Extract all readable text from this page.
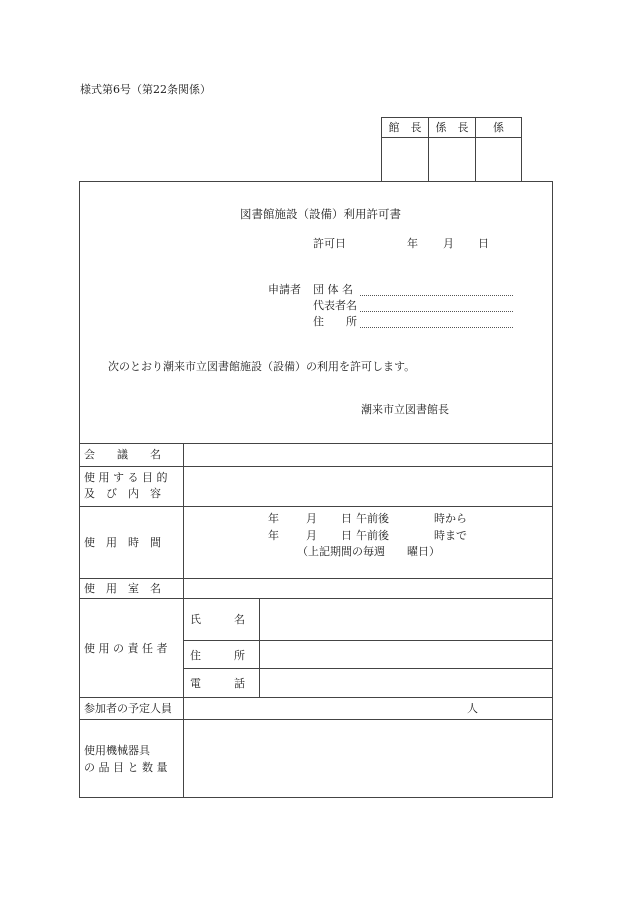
様式第6号（第22条関係）
館　長	係　長	係
図書館施設（設備）利用許可書
許可日	年 月 日
申請者 団 体 名
代表者名
住　　所
次のとおり潮来市立図書館施設（設備）の利用を許可します。
潮来市立図書館長
会　　議　　名
使 用 す る 目 的
及　び　内　容
使　用　時　間
年 月 日 午前後	時から
年 月 日 午前後	時まで
（上記期間の毎週　　曜日）
使　用　室　名
使 用 の 責 任 者
氏　　　名
住　　　所
電　　　話
参加者の予定人員	人
使用機械器具
の 品 目 と 数 量
